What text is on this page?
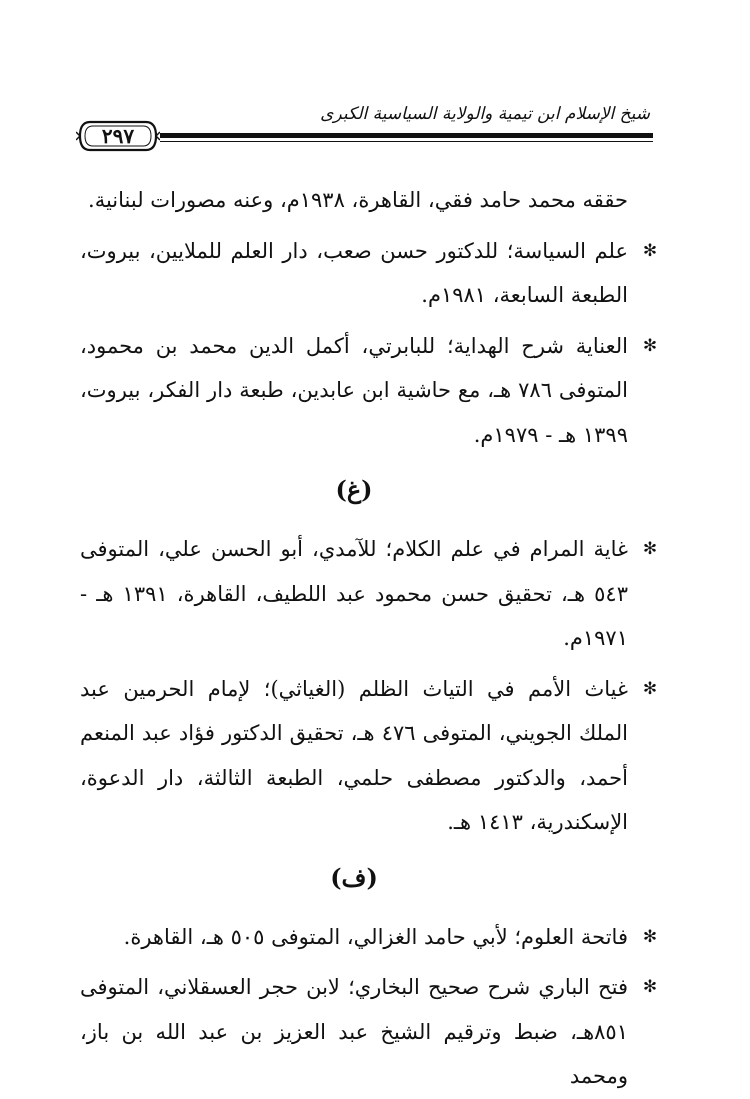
شيخ الإسلام ابن تيمية والولاية السياسية الكبرى
٢٩٧

حققه محمد حامد فقي، القاهرة، ١٩٣٨م، وعنه مصورات لبنانية.

✻
علم السياسة؛ للدكتور حسن صعب، دار العلم للملايين، بيروت، الطبعة السابعة، ١٩٨١م.

✻
العناية شرح الهداية؛ للبابرتي، أكمل الدين محمد بن محمود، المتوفى ٧٨٦ هـ، مع حاشية ابن عابدين، طبعة دار الفكر، بيروت، ١٣٩٩ هـ - ١٩٧٩م.

(غ)

✻
غاية المرام في علم الكلام؛ للآمدي، أبو الحسن علي، المتوفى ٥٤٣ هـ، تحقيق حسن محمود عبد اللطيف، القاهرة، ١٣٩١ هـ - ١٩٧١م.

✻
غياث الأمم في التياث الظلم (الغياثي)؛ لإمام الحرمين عبد الملك الجويني، المتوفى ٤٧٦ هـ، تحقيق الدكتور فؤاد عبد المنعم أحمد، والدكتور مصطفى حلمي، الطبعة الثالثة، دار الدعوة، الإسكندرية، ١٤١٣ هـ.

(ف)

✻
فاتحة العلوم؛ لأبي حامد الغزالي، المتوفى ٥٠٥ هـ، القاهرة.

✻
فتح الباري شرح صحيح البخاري؛ لابن حجر العسقلاني، المتوفى ٨٥١هـ، ضبط وترقيم الشيخ عبد العزيز بن عبد الله بن باز، ومحمد
